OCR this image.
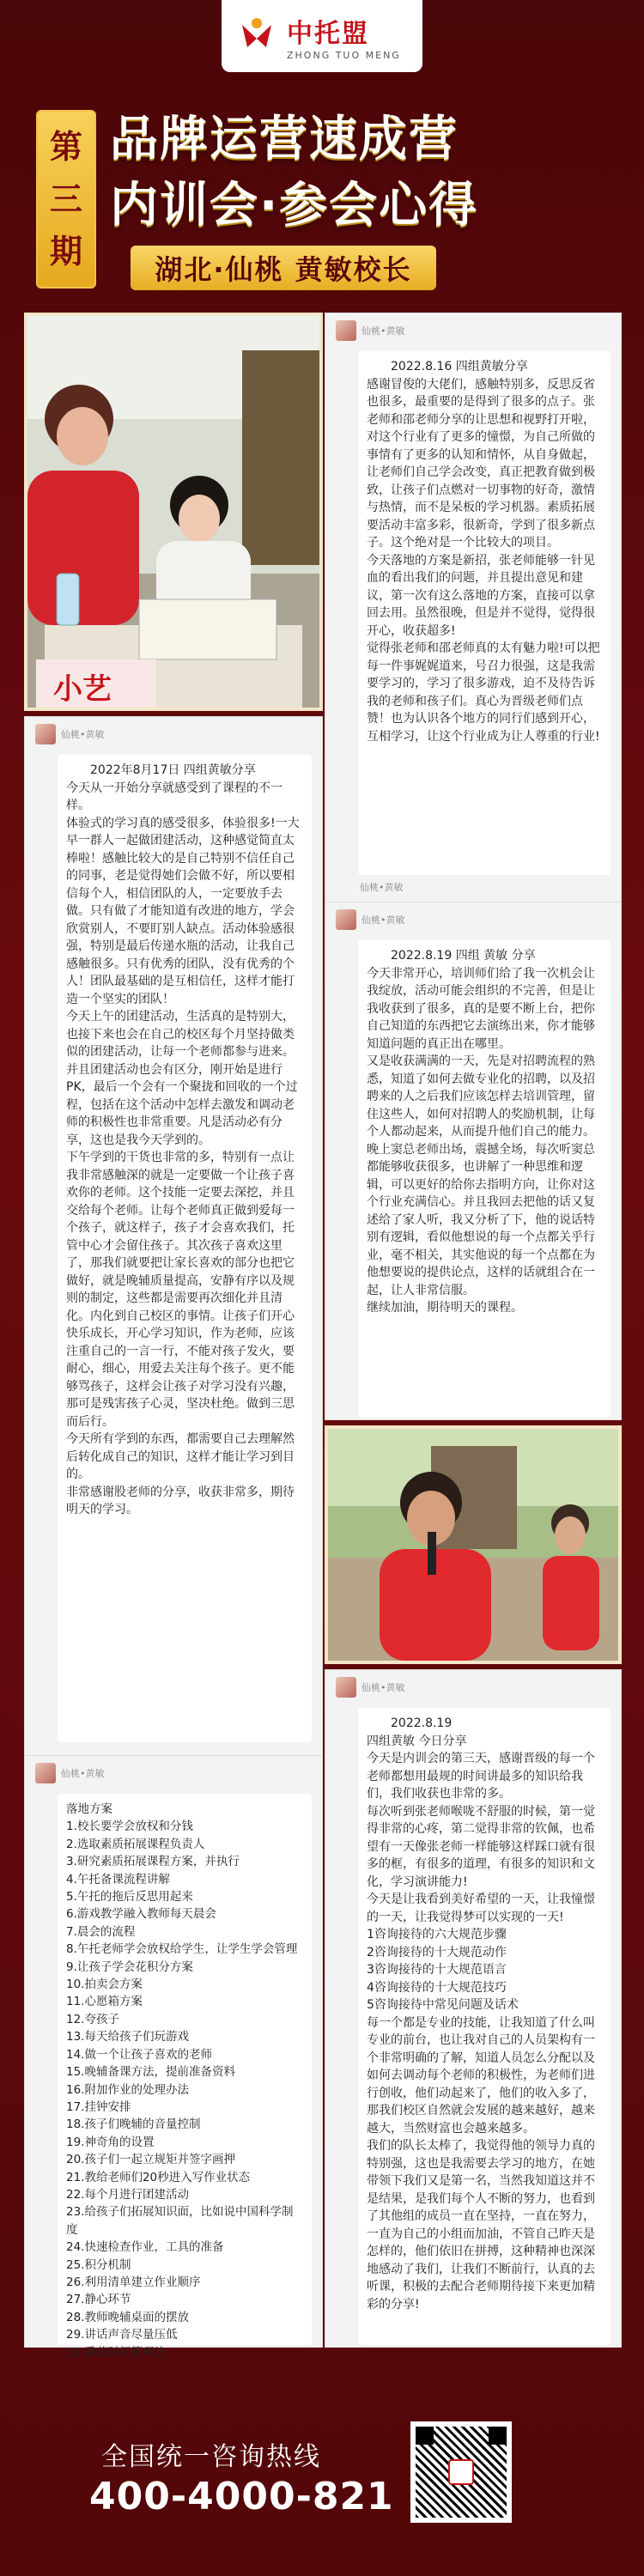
中托盟
ZHONG TUO MENG
第
三
期
品牌运营速成营
内训会·参会心得
湖北·仙桃 黄敏校长
小艺
仙桃•黄敏

2022.8.16 四组黄敏分享

感谢冒俊的大佬们，感触特别多，反思反省也很多，最重要的是得到了很多的点子。张老师和邵老师分享的让思想和视野打开啦，对这个行业有了更多的憧憬，为自己所做的事情有了更多的认知和情怀，从自身做起，让老师们自己学会改变，真正把教育做到极致，让孩子们点燃对一切事物的好奇，激情与热情，而不是呆板的学习机器。素质拓展要活动丰富多彩，很新奇，学到了很多新点子。这个绝对是一个比较大的项目。

今天落地的方案是新招，张老师能够一针见血的看出我们的问题，并且提出意见和建议，第一次有这么落地的方案，直接可以拿回去用。虽然很晚，但是并不觉得，觉得很开心，收获超多!

觉得张老师和邵老师真的太有魅力啦!可以把每一件事娓娓道来，号召力很强，这是我需要学习的，学习了很多游戏，迫不及待告诉我的老师和孩子们。真心为晋级老师们点赞！也为认识各个地方的同行们感到开心，互相学习，让这个行业成为让人尊重的行业!

仙桃•黄敏
仙桃•黄敏

2022年8月17日 四组黄敏分享

今天从一开始分享就感受到了课程的不一样。

体验式的学习真的感受很多，体验很多!一大早一群人一起做团建活动，这种感觉简直太棒啦！感触比较大的是自己特别不信任自己的同事，老是觉得她们会做不好，所以要相信每个人，相信团队的人，一定要放手去做。只有做了才能知道有改进的地方，学会欣赏别人，不要盯别人缺点。活动体验感很强，特别是最后传递水瓶的活动，让我自己感触很多。只有优秀的团队，没有优秀的个人！团队最基础的是互相信任，这样才能打造一个坚实的团队！

今天上午的团建活动，生活真的是特别大，也接下来也会在自己的校区每个月坚持做类似的团建活动，让每一个老师都参与进来。并且团建活动也会有区分，刚开始是进行PK，最后一个会有一个聚拢和回收的一个过程，包括在这个活动中怎样去激发和调动老师的积极性也非常重要。凡是活动必有分享，这也是我今天学到的。

下午学到的干货也非常的多，特别有一点让我非常感触深的就是一定要做一个让孩子喜欢你的老师。这个技能一定要去深挖，并且交给每个老师。让每个老师真正做到爱每一个孩子，就这样子，孩子才会喜欢我们，托管中心才会留住孩子。其次孩子喜欢这里了，那我们就要把让家长喜欢的部分也把它做好，就是晚辅质量提高，安静有序以及规则的制定，这些都是需要再次细化并且清化。内化到自己校区的事情。让孩子们开心快乐成长，开心学习知识，作为老师，应该注重自己的一言一行，不能对孩子发火，要耐心，细心，用爱去关注每个孩子。更不能够骂孩子，这样会让孩子对学习没有兴趣，那可是残害孩子心灵，坚决杜绝。做到三思而后行。

今天所有学到的东西，都需要自己去理解然后转化成自己的知识，这样才能让学习到目的。

非常感谢股老师的分享，收获非常多，期待明天的学习。

仙桃•黄敏

2022.8.19 四组 黄敏 分享

今天非常开心，培训师们给了我一次机会让我绽放，活动可能会组织的不完善，但是让我收获到了很多，真的是要不断上台，把你自己知道的东西把它去演练出来，你才能够知道问题的真正出在哪里。

又是收获满满的一天，先是对招聘流程的熟悉，知道了如何去做专业化的招聘，以及招聘来的人之后我们应该怎样去培训管理，留住这些人，如何对招聘人的奖励机制，让每个人都动起来，从而提升他们自己的能力。

晚上窦总老师出场，震撼全场，每次听窦总都能够收获很多，也讲解了一种思维和逻辑，可以更好的给你去指明方向，让你对这个行业充满信心。并且我回去把他的话又复述给了家人听，我又分析了下，他的说话特别有逻辑，看似他想说的每一个点都关乎行业，毫不相关，其实他说的每一个点都在为他想要说的提供论点，这样的话就组合在一起，让人非常信服。

继续加油，期待明天的课程。

仙桃•黄敏

2022.8.19

四组黄敏 今日分享

今天是内训会的第三天，感谢晋级的每一个老师都想用最规的时间讲最多的知识给我们，我们收获也非常的多。

每次听到张老师喉咙不舒服的时候，第一觉得非常的心疼，第二觉得非常的钦佩，也希望有一天像张老师一样能够这样踩口就有很多的框，有很多的道理，有很多的知识和文化，学习演讲能力!

今天是让我看到美好希望的一天，让我憧憬的一天，让我觉得梦可以实现的一天!

1咨询接待的六大规范步骤

2咨询接待的十大规范动作

3咨询接待的十大规范语言

4咨询接待的十大规范技巧

5咨询接待中常见问题及话术

每一个都是专业的技能，让我知道了什么叫专业的前台，也让我对自己的人员架构有一个非常明确的了解，知道人员怎么分配以及如何去调动每个老师的积极性，为老师们进行创收，他们动起来了，他们的收入多了，那我们校区自然就会发展的越来越好，越来越大，当然财富也会越来越多。

我们的队长太棒了，我觉得他的领导力真的特别强，这也是我需要去学习的地方，在她带领下我们又是第一名，当然我知道这并不是结果，是我们每个人不断的努力，也看到了其他组的成员一直在坚持，一直在努力，一直为自己的小组而加油，不管自己昨天是怎样的，他们依旧在拼搏，这种精神也深深地感动了我们，让我们不断前行，认真的去听课，积极的去配合老师期待接下来更加精彩的分享!

仙桃•黄敏

落地方案

1.校长要学会放权和分钱

2.选取素质拓展课程负责人

3.研究素质拓展课程方案，并执行

4.午托备课流程讲解

5.午托的拖后反思用起来

6.游戏教学融入教师每天晨会

7.晨会的流程

8.午托老师学会放权给学生，让学生学会管理

9.让孩子学会花积分方案

10.拍卖会方案

11.心愿箱方案

12.夸孩子

13.每天给孩子们玩游戏

14.做一个让孩子喜欢的老师

15.晚辅备课方法，提前准备资料

16.附加作业的处理办法

17.挂钟安排

18.孩子们晚辅的音量控制

19.神奇角的设置

20.孩子们一起立规矩并签字画押

21.教给老师们20秒进入写作业状态

22.每个月进行团建活动

23.给孩子们拓展知识面，比如说中国科学制度

24.快速检查作业，工具的准备

25.积分机制

26.利用清单建立作业顺序

27.静心环节

28.教师晚辅桌面的摆放

29.讲话声音尽量压低

30.番茄时间管理法

全国统一咨询热线
400-4000-821
